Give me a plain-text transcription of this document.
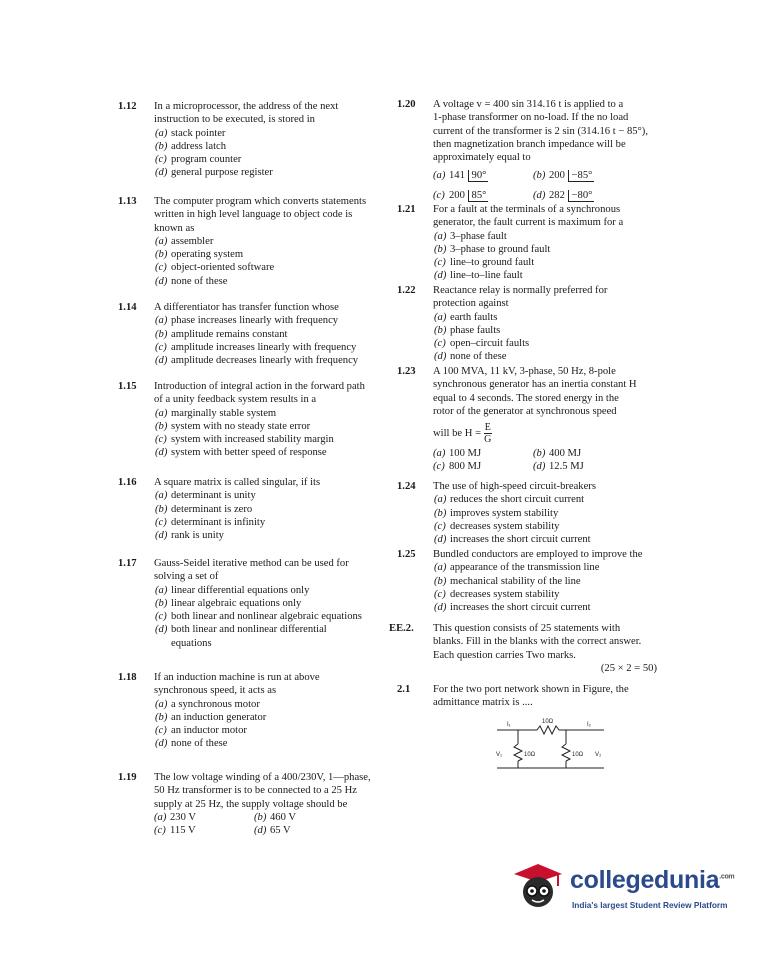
1.12 In a microprocessor, the address of the next
instruction to be executed, is stored in
(a) stack pointer
(b) address latch
(c) program counter
(d) general purpose register
1.13 The computer program which converts statements
written in high level language to object code is
known as
(a) assembler
(b) operating system
(c) object-oriented software
(d) none of these
1.14 A differentiator has transfer function whose
(a) phase increases linearly with frequency
(b) amplitude remains constant
(c) amplitude increases linearly with frequency
(d) amplitude decreases linearly with frequency
1.15 Introduction of integral action in the forward path
of a unity feedback system results in a
(a) marginally stable system
(b) system with no steady state error
(c) system with increased stability margin
(d) system with better speed of response
1.16 A square matrix is called singular, if its
(a) determinant is unity
(b) determinant is zero
(c) determinant is infinity
(d) rank is unity
1.17 Gauss-Seidel iterative method can be used for
solving a set of
(a) linear differential equations only
(b) linear algebraic equations only
(c) both linear and nonlinear algebraic equations
(d) both linear and nonlinear differential
equations
1.18 If an induction machine is run at above
synchronous speed, it acts as
(a) a synchronous motor
(b) an induction generator
(c) an inductor motor
(d) none of these
1.19 The low voltage winding of a 400/230V, 1—phase,
50 Hz transformer is to be connected to a 25 Hz
supply at 25 Hz, the supply voltage should be
(a) 230 V	(b) 460 V
(c) 115 V	(d) 65 V
1.20 A voltage v = 400 sin 314.16 t is applied to a
1-phase transformer on no-load. If the no load
current of the transformer is 2 sin (314.16 t − 85°),
then magnetization branch impedance will be
approximately equal to
(a) 141 90°	(b) 200 −85°
(c) 200 85°	(d) 282 −80°
1.21 For a fault at the terminals of a synchronous
generator, the fault current is maximum for a
(a) 3–phase fault
(b) 3–phase to ground fault
(c) line–to ground fault
(d) line–to–line fault
1.22 Reactance relay is normally preferred for
protection against
(a) earth faults
(b) phase faults
(c) open–circuit faults
(d) none of these
1.23 A 100 MVA, 11 kV, 3-phase, 50 Hz, 8-pole
synchronous generator has an inertia constant H
equal to 4 seconds. The stored energy in the
rotor of the generator at synchronous speed
will be $H = \frac{E}{G}$
(a) 100 MJ	(b) 400 MJ
(c) 800 MJ	(d) 12.5 MJ
1.24 The use of high-speed circuit-breakers
(a) reduces the short circuit current
(b) improves system stability
(c) decreases system stability
(d) increases the short circuit current
1.25 Bundled conductors are employed to improve the
(a) appearance of the transmission line
(b) mechanical stability of the line
(c) decreases system stability
(d) increases the short circuit current
EE.2. This question consists of 25 statements with
blanks. Fill in the blanks with the correct answer.
Each question carries Two marks.
(25 × 2 = 50)
2.1 For the two port network shown in Figure, the
admittance matrix is ....
I₁	I₂
10Ω
10Ω	10Ω
V₁	V₂
collegedunia$^{.com}$
India's largest Student Review Platform
